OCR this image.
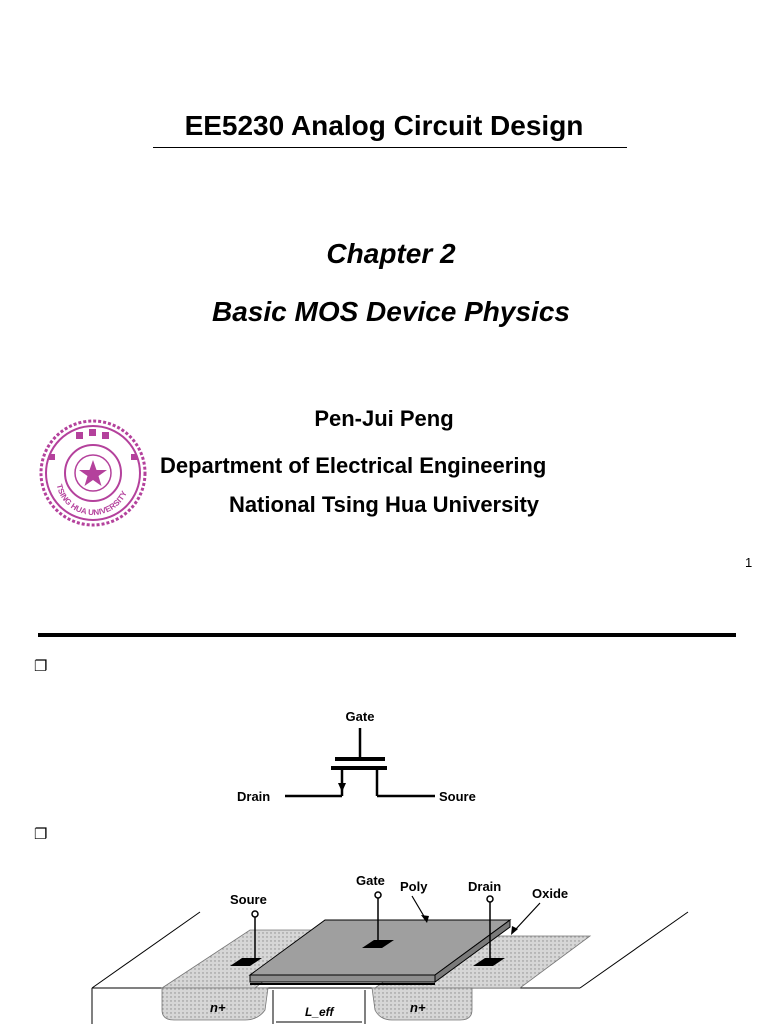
EE5230 Analog Circuit Design
Chapter 2
Basic MOS Device Physics
TSING HUA UNIVERSITY
Pen-Jui Peng
Department of Electrical Engineering
National Tsing Hua University
1
❐
Gate
Drain	Soure
❐
Soure
Gate Poly	Drain Oxide
n+	n+
L_eff
